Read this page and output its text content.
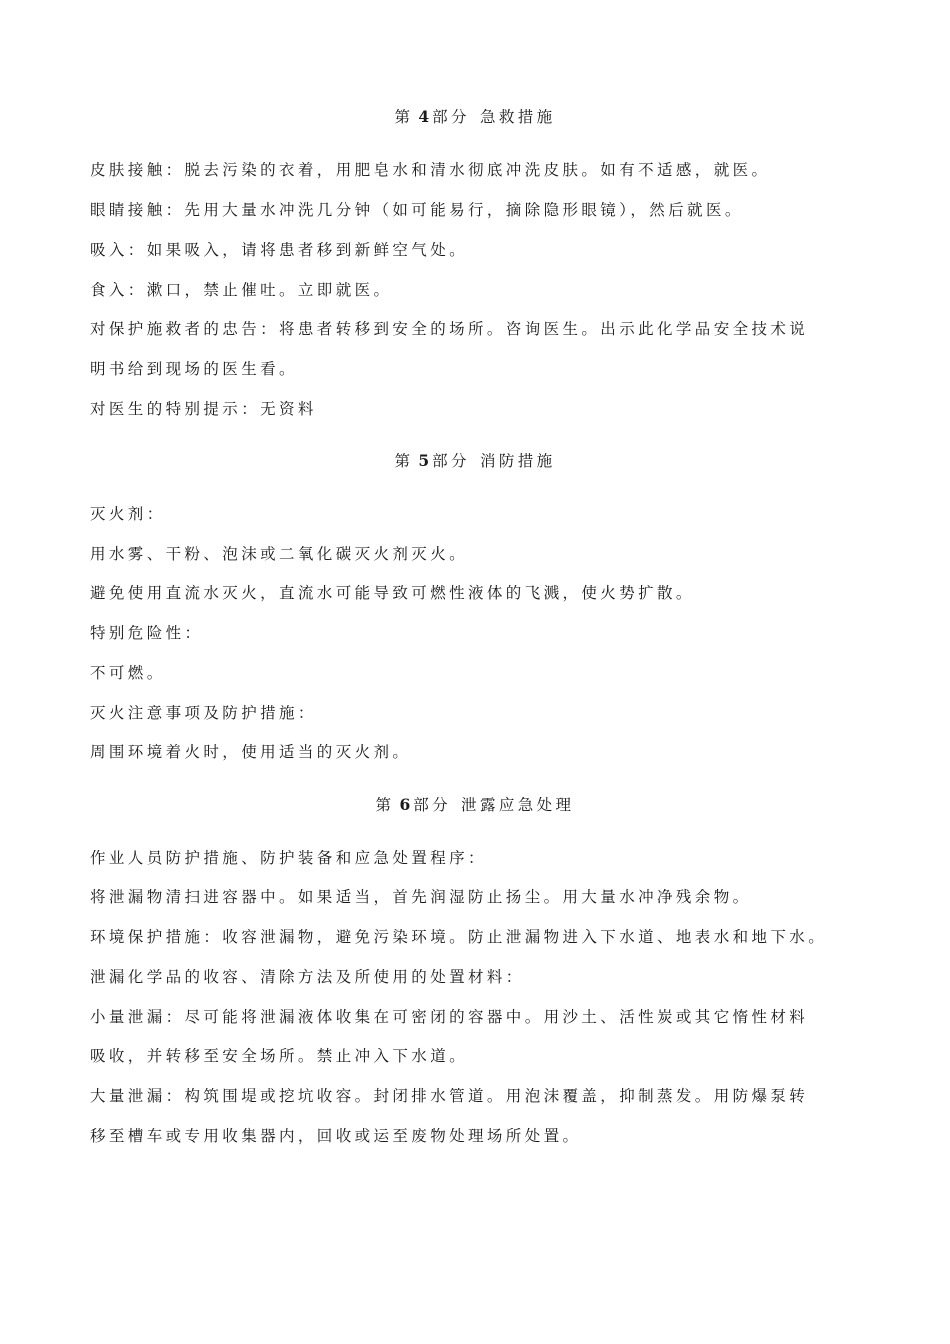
第 4 部分 急救措施
皮肤接触：脱去污染的衣着，用肥皂水和清水彻底冲洗皮肤。如有不适感，就医。
眼睛接触：先用大量水冲洗几分钟（如可能易行，摘除隐形眼镜），然后就医。
吸入：如果吸入，请将患者移到新鲜空气处。
食入：漱口，禁止催吐。立即就医。
对保护施救者的忠告：将患者转移到安全的场所。咨询医生。出示此化学品安全技术说
明书给到现场的医生看。
对医生的特别提示：无资料
第 5 部分 消防措施
灭火剂：
用水雾、干粉、泡沫或二氧化碳灭火剂灭火。
避免使用直流水灭火，直流水可能导致可燃性液体的飞溅，使火势扩散。
特别危险性：
不可燃。
灭火注意事项及防护措施：
周围环境着火时，使用适当的灭火剂。
第 6 部分 泄露应急处理
作业人员防护措施、防护装备和应急处置程序：
将泄漏物清扫进容器中。如果适当，首先润湿防止扬尘。用大量水冲净残余物。
环境保护措施：收容泄漏物，避免污染环境。防止泄漏物进入下水道、地表水和地下水。
泄漏化学品的收容、清除方法及所使用的处置材料：
小量泄漏：尽可能将泄漏液体收集在可密闭的容器中。用沙土、活性炭或其它惰性材料
吸收，并转移至安全场所。禁止冲入下水道。
大量泄漏：构筑围堤或挖坑收容。封闭排水管道。用泡沫覆盖，抑制蒸发。用防爆泵转
移至槽车或专用收集器内，回收或运至废物处理场所处置。
